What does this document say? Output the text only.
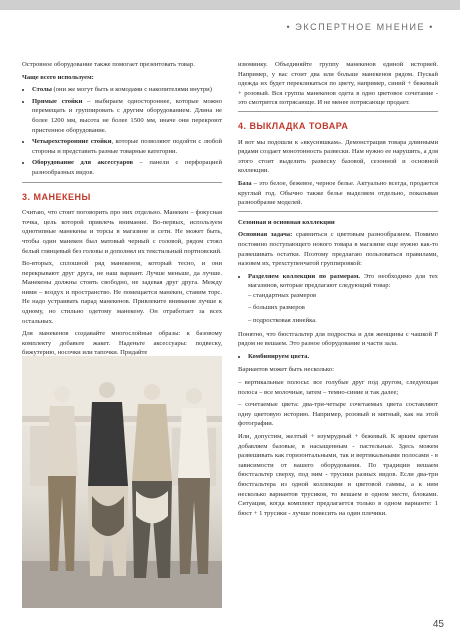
• ЭКСПЕРТНОЕ МНЕНИЕ •

Островное оборудование также помогает презентовать товар.

Чаще всего используем:

• Столы (они же могут быть и комодами с накопителями внутри)
• Прямые стойки – выбираем одностороннее, которые можно перемещать и группировать с другим оборудованием. Длина не более 1200 мм, высота не более 1500 мм, иначе они перекроют пристенное оборудование.
• Четырехсторонние стойки, которые позволяют подойти с любой стороны и представить разные товарные категории.
• Оборудование для аксессуаров – панели с перфорацией разнообразных видов.
3. МАНЕКЕНЫ

Считаю, что стоит поговорить про них отдельно. Манекен – фокусная точка, цель которой привлечь внимание. Во-первых, используем однотипные манекены и торсы в магазине и сети. Не может быть, чтобы один манекен был матовый черный с головой, рядом стоял белый глянцевый без головы и дополнял их текстильный портновский.

Во-вторых, сплошной ряд манекенов, который тесно, и они перекрывают друг друга, не наш вариант. Лучше меньше, да лучше. Манекены должны стоять свободно, не задевая друг друга. Между ними – воздух и пространство. Не помещается манекен, ставим торс. Не надо устраивать парад манекенов. Привлеките внимание лучше к одному, но стильно одетому манекену. Он отработает за всех остальных.

Для манекенов создавайте многослойные образы: к базовому комплекту добавьте жакет. Наденьте аксессуары: подвеску, бижутерию, носочки или тапочки. Придайте

изюминку. Объединяйте группу манекенов единой историей. Например, у вас стоит два или больше манекенов рядом. Пускай одежда их будет перекликаться по цвету, например, синий + бежевый + розовый. Вся группа манекенов одета в одно цветовое сочетание - это смотрится потрясающе. И не менее потрясающе продает.

4. ВЫКЛАДКА ТОВАРА

И вот мы подошли к «вкусняшкам». Демонстрация товара длинными рядами создает монотонность развески. Нам нужно ее нарушить, а для этого стоит выделить развеску базовой, сезонной и основной коллекции.

База – это белое, бежевое, черное белье. Актуально всегда, продается круглый год. Обычно также белье выделяем отдельно, показывая разнообразие моделей.

Сезонная и основная коллекции

Основная задача: сравниться с цветовым разнообразием. Помимо постоянно поступающего нового товара в магазине еще нужно как-то развешивать остатки. Поэтому предлагаю пользоваться правилами, назовем их, трехступенчатой группировкой:

• Разделяем коллекции по размерам. Это необходимо для тех магазинов, которые предлагают следующий товар:

– стандартных размеров

– больших размеров

– подростковая линейка.

Понятно, что бюстгальтер для подростка и для женщины с чашкой F рядом не вешаем. Это разное оборудование и части зала.

• Комбинируем цвета.

Вариантов может быть несколько:

– вертикальные полосы: все голубые друг под другом, следующая полоса – все молочные, затем – темно-синие и так далее;

– сочетаемые цвета: два-три-четыре сочетаемых цвета составляют одну цветовую историю. Например, розовый и мятный, как на этой фотографии.

Или, допустим, желтый + изумрудный + бежевый. К ярким цветам добавляем базовые, в насыщенным - пастельные. Здесь можем развешивать как горизонтальными, так и вертикальными полосами - в зависимости от вашего оборудования. По традиции вешаем бюстгальтер сверху, под ним - трусики разных видов. Если два-три бюстгальтера из одной коллекции и цветовой гаммы, а к ним несколько вариантов трусиков, то вешаем в одном месте, блоками. Ситуация, когда комплект предлагается только в одном варианте: 1 бюст + 1 трусики - лучше повесить на один плечики.

45
